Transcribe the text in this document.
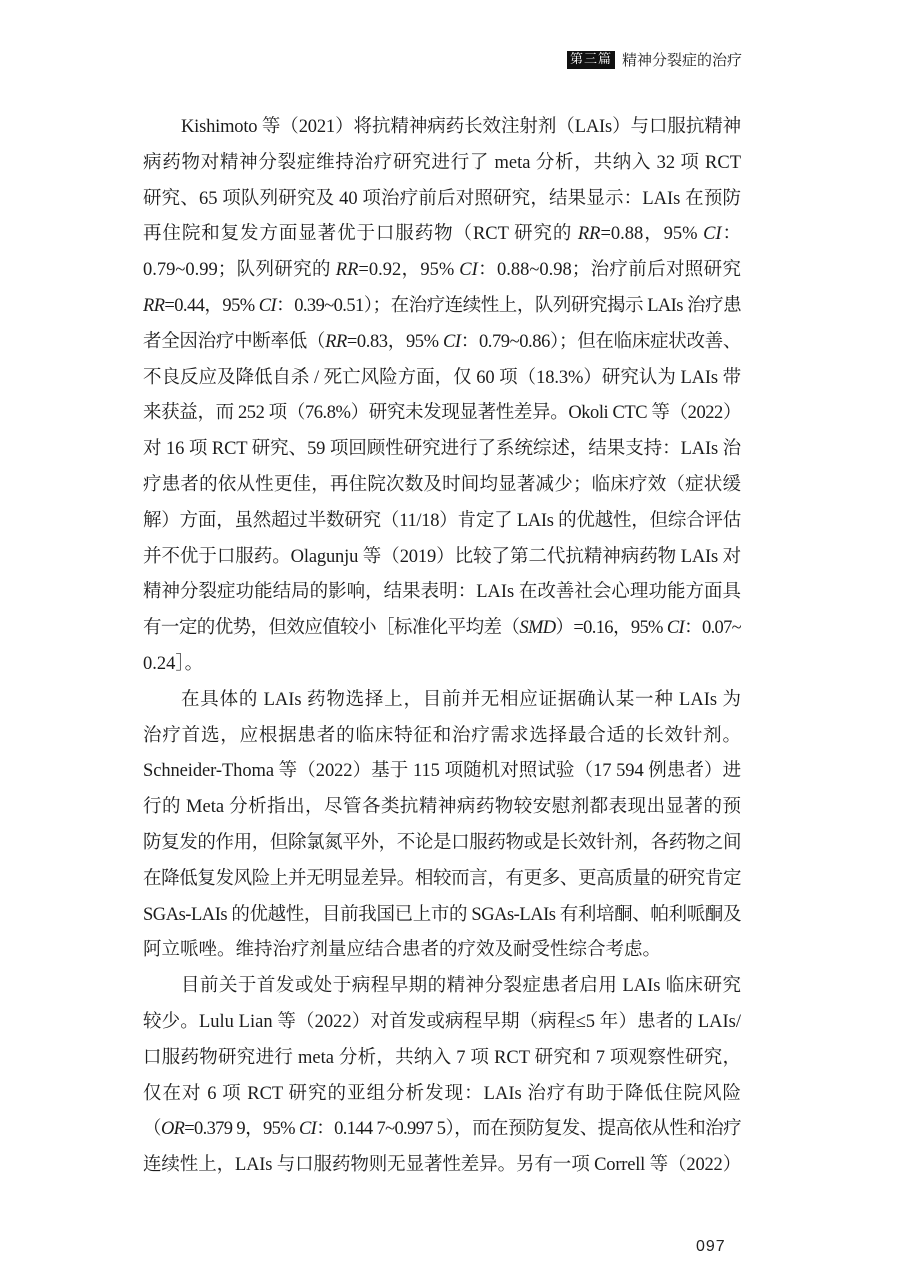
第三篇 精神分裂症的治疗
Kishimoto 等（2021）将抗精神病药长效注射剂（LAIs）与口服抗精神
病药物对精神分裂症维持治疗研究进行了 meta 分析，共纳入 32 项 RCT
研究、65 项队列研究及 40 项治疗前后对照研究，结果显示：LAIs 在预防
再住院和复发方面显著优于口服药物（RCT 研究的 RR=0.88，95% CI：
0.79~0.99；队列研究的 RR=0.92，95% CI：0.88~0.98；治疗前后对照研究
RR=0.44，95% CI：0.39~0.51）；在治疗连续性上，队列研究揭示 LAIs 治疗患
者全因治疗中断率低（RR=0.83，95% CI：0.79~0.86）；但在临床症状改善、
不良反应及降低自杀 / 死亡风险方面，仅 60 项（18.3%）研究认为 LAIs 带
来获益，而 252 项（76.8%）研究未发现显著性差异。Okoli CTC 等（2022）
对 16 项 RCT 研究、59 项回顾性研究进行了系统综述，结果支持：LAIs 治
疗患者的依从性更佳，再住院次数及时间均显著减少；临床疗效（症状缓
解）方面，虽然超过半数研究（11/18）肯定了 LAIs 的优越性，但综合评估
并不优于口服药。Olagunju 等（2019）比较了第二代抗精神病药物 LAIs 对
精神分裂症功能结局的影响，结果表明：LAIs 在改善社会心理功能方面具
有一定的优势，但效应值较小［标准化平均差（SMD）=0.16，95% CI：0.07~
0.24］。
在具体的 LAIs 药物选择上，目前并无相应证据确认某一种 LAIs 为
治疗首选，应根据患者的临床特征和治疗需求选择最合适的长效针剂。
Schneider-Thoma 等（2022）基于 115 项随机对照试验（17 594 例患者）进
行的 Meta 分析指出，尽管各类抗精神病药物较安慰剂都表现出显著的预
防复发的作用，但除氯氮平外，不论是口服药物或是长效针剂，各药物之间
在降低复发风险上并无明显差异。相较而言，有更多、更高质量的研究肯定
SGAs-LAIs 的优越性，目前我国已上市的 SGAs-LAIs 有利培酮、帕利哌酮及
阿立哌唑。维持治疗剂量应结合患者的疗效及耐受性综合考虑。
目前关于首发或处于病程早期的精神分裂症患者启用 LAIs 临床研究
较少。Lulu Lian 等（2022）对首发或病程早期（病程≤5 年）患者的 LAIs/
口服药物研究进行 meta 分析，共纳入 7 项 RCT 研究和 7 项观察性研究，
仅在对 6 项 RCT 研究的亚组分析发现：LAIs 治疗有助于降低住院风险
（OR=0.379 9，95% CI：0.144 7~0.997 5），而在预防复发、提高依从性和治疗
连续性上，LAIs 与口服药物则无显著性差异。另有一项 Correll 等（2022）
097
